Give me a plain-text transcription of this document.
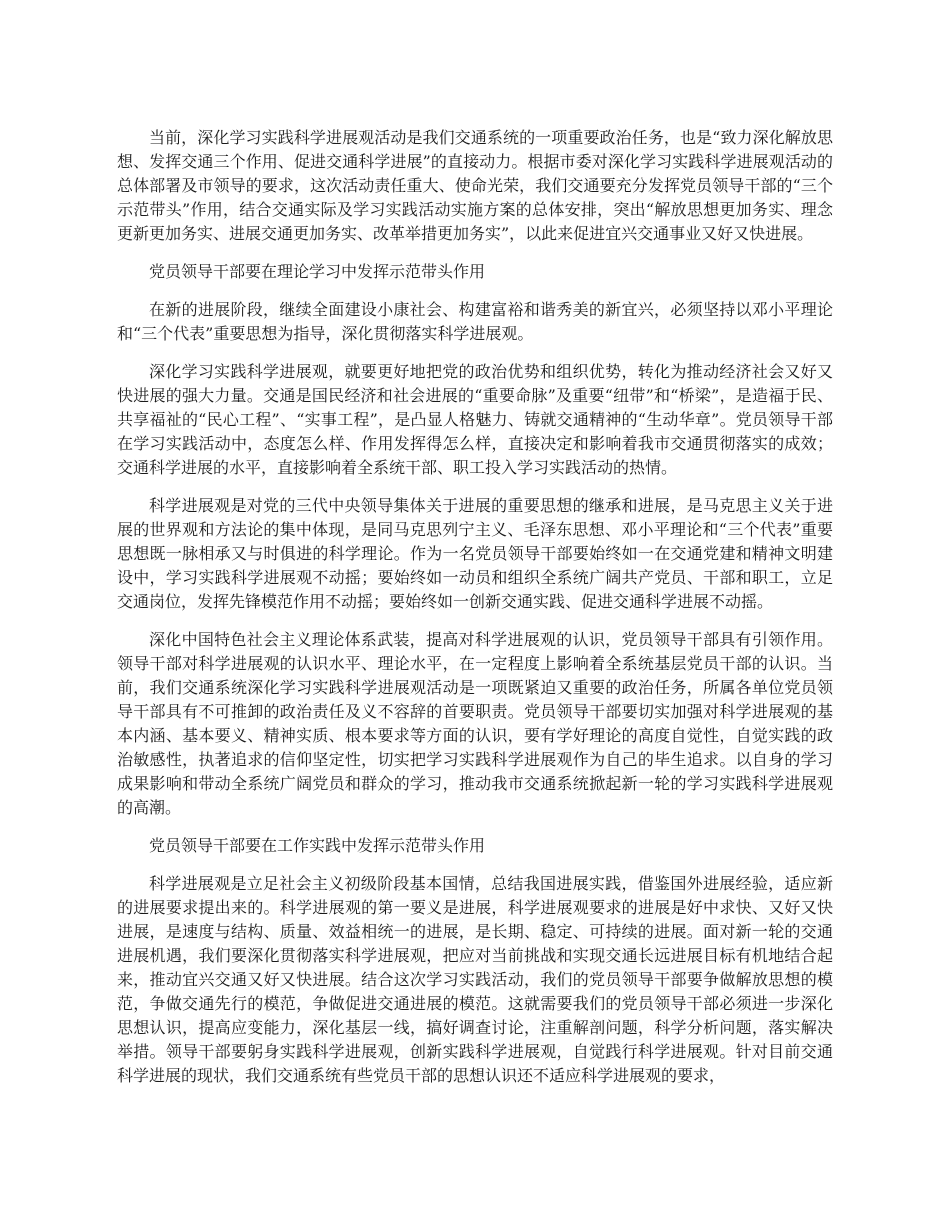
当前，深化学习实践科学进展观活动是我们交通系统的一项重要政治任务，也是“致力深化解放思想、发挥交通三个作用、促进交通科学进展”的直接动力。根据市委对深化学习实践科学进展观活动的总体部署及市领导的要求，这次活动责任重大、使命光荣，我们交通要充分发挥党员领导干部的“三个示范带头”作用，结合交通实际及学习实践活动实施方案的总体安排，突出“解放思想更加务实、理念更新更加务实、进展交通更加务实、改革举措更加务实”，以此来促进宜兴交通事业又好又快进展。

党员领导干部要在理论学习中发挥示范带头作用

在新的进展阶段，继续全面建设小康社会、构建富裕和谐秀美的新宜兴，必须坚持以邓小平理论和“三个代表”重要思想为指导，深化贯彻落实科学进展观。

深化学习实践科学进展观，就要更好地把党的政治优势和组织优势，转化为推动经济社会又好又快进展的强大力量。交通是国民经济和社会进展的“重要命脉”及重要“纽带”和“桥梁”，是造福于民、共享福祉的“民心工程”、“实事工程”，是凸显人格魅力、铸就交通精神的“生动华章”。党员领导干部在学习实践活动中，态度怎么样、作用发挥得怎么样，直接决定和影响着我市交通贯彻落实的成效；交通科学进展的水平，直接影响着全系统干部、职工投入学习实践活动的热情。

科学进展观是对党的三代中央领导集体关于进展的重要思想的继承和进展，是马克思主义关于进展的世界观和方法论的集中体现，是同马克思列宁主义、毛泽东思想、邓小平理论和“三个代表”重要思想既一脉相承又与时俱进的科学理论。作为一名党员领导干部要始终如一在交通党建和精神文明建设中，学习实践科学进展观不动摇；要始终如一动员和组织全系统广阔共产党员、干部和职工，立足交通岗位，发挥先锋模范作用不动摇；要始终如一创新交通实践、促进交通科学进展不动摇。

深化中国特色社会主义理论体系武装，提高对科学进展观的认识，党员领导干部具有引领作用。领导干部对科学进展观的认识水平、理论水平，在一定程度上影响着全系统基层党员干部的认识。当前，我们交通系统深化学习实践科学进展观活动是一项既紧迫又重要的政治任务，所属各单位党员领导干部具有不可推卸的政治责任及义不容辞的首要职责。党员领导干部要切实加强对科学进展观的基本内涵、基本要义、精神实质、根本要求等方面的认识，要有学好理论的高度自觉性，自觉实践的政治敏感性，执著追求的信仰坚定性，切实把学习实践科学进展观作为自己的毕生追求。以自身的学习成果影响和带动全系统广阔党员和群众的学习，推动我市交通系统掀起新一轮的学习实践科学进展观的高潮。

党员领导干部要在工作实践中发挥示范带头作用

科学进展观是立足社会主义初级阶段基本国情，总结我国进展实践，借鉴国外进展经验，适应新的进展要求提出来的。科学进展观的第一要义是进展，科学进展观要求的进展是好中求快、又好又快进展，是速度与结构、质量、效益相统一的进展，是长期、稳定、可持续的进展。面对新一轮的交通进展机遇，我们要深化贯彻落实科学进展观，把应对当前挑战和实现交通长远进展目标有机地结合起来，推动宜兴交通又好又快进展。结合这次学习实践活动，我们的党员领导干部要争做解放思想的模范，争做交通先行的模范，争做促进交通进展的模范。这就需要我们的党员领导干部必须进一步深化思想认识，提高应变能力，深化基层一线，搞好调查讨论，注重解剖问题，科学分析问题，落实解决举措。领导干部要躬身实践科学进展观，创新实践科学进展观，自觉践行科学进展观。针对目前交通科学进展的现状，我们交通系统有些党员干部的思想认识还不适应科学进展观的要求，
